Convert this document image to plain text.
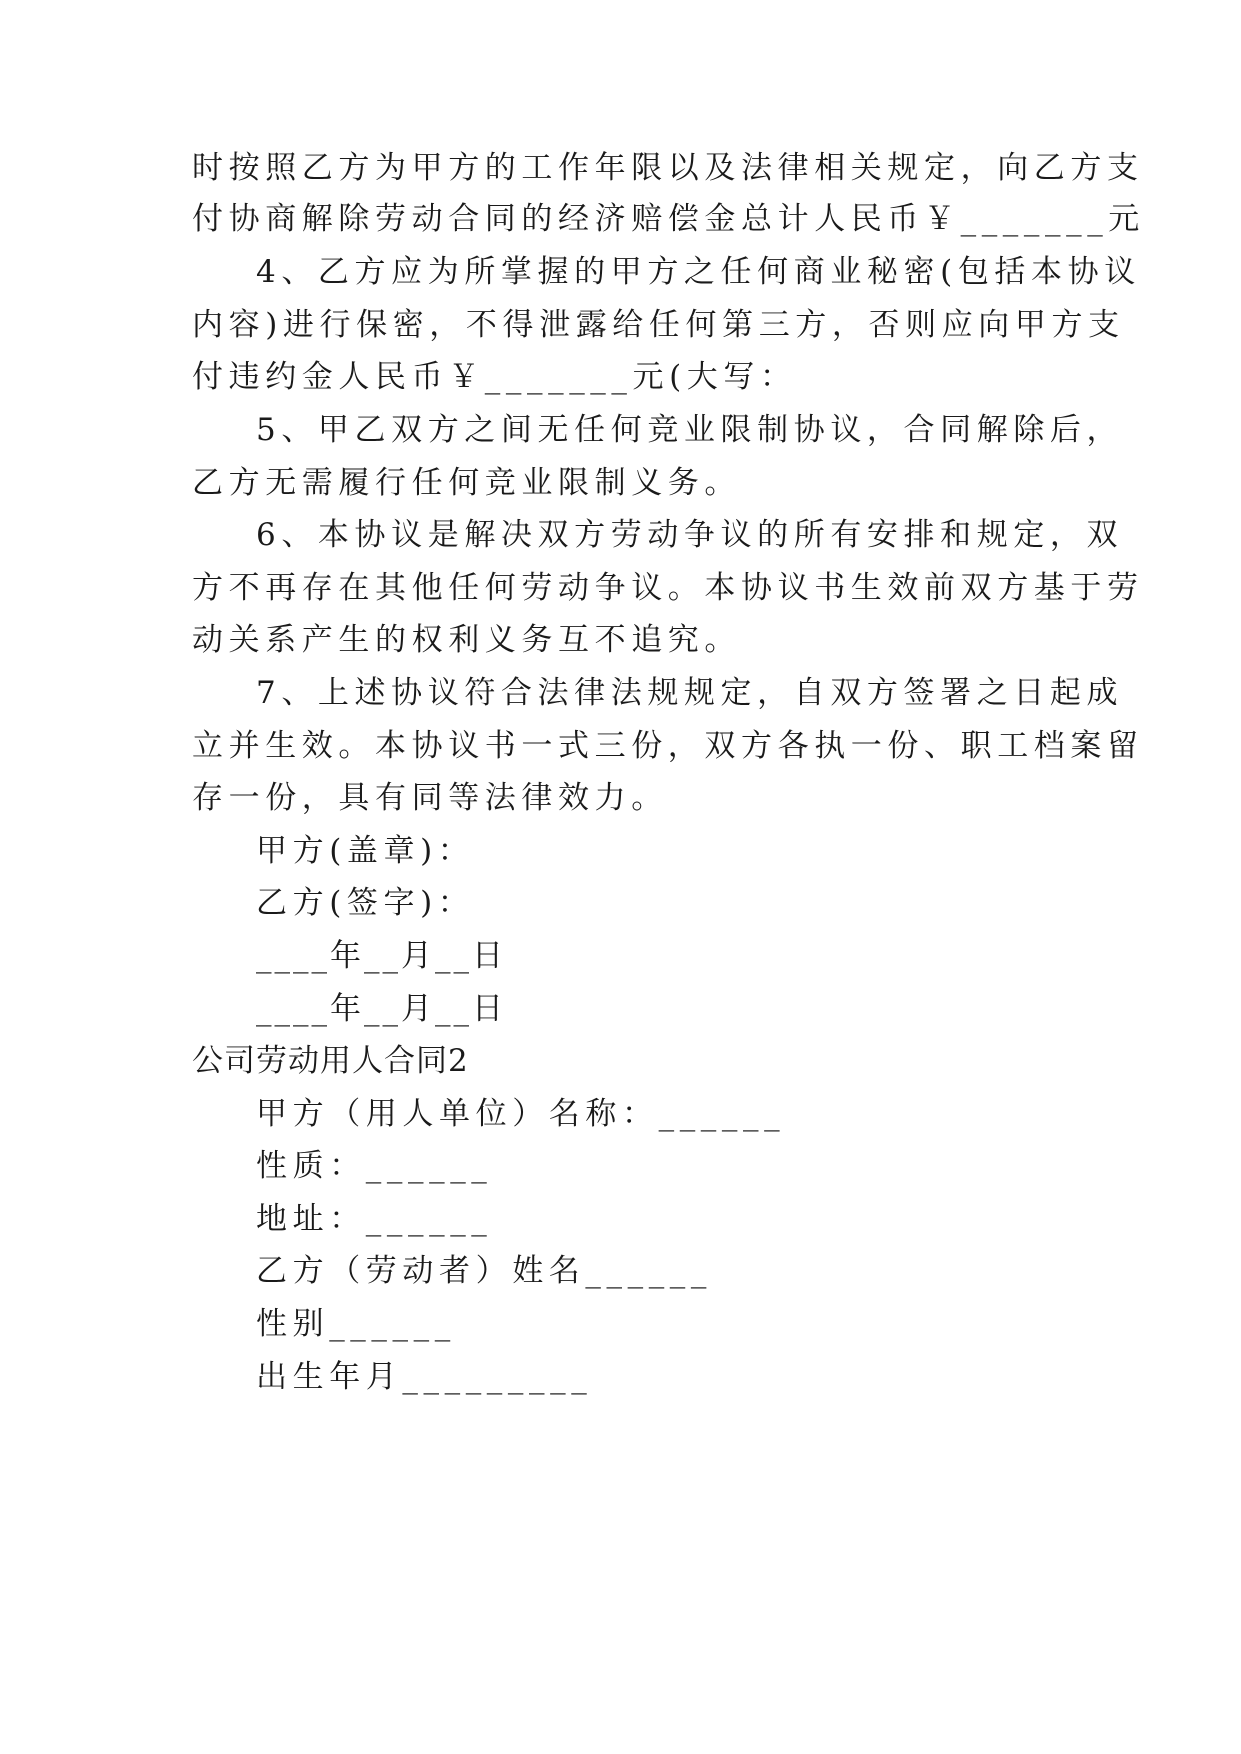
时按照乙方为甲方的工作年限以及法律相关规定，向乙方支
付协商解除劳动合同的经济赔偿金总计人民币￥_______元
4、乙方应为所掌握的甲方之任何商业秘密(包括本协议
内容)进行保密，不得泄露给任何第三方，否则应向甲方支
付违约金人民币￥_______元(大写：
5、甲乙双方之间无任何竞业限制协议，合同解除后，
乙方无需履行任何竞业限制义务。
6、本协议是解决双方劳动争议的所有安排和规定，双
方不再存在其他任何劳动争议。本协议书生效前双方基于劳
动关系产生的权利义务互不追究。
7、上述协议符合法律法规规定，自双方签署之日起成
立并生效。本协议书一式三份，双方各执一份、职工档案留
存一份，具有同等法律效力。
甲方(盖章)：
乙方(签字)：
____年__月__日
____年__月__日
公司劳动用人合同2
甲方（用人单位）名称：______
性质：______
地址：______
乙方（劳动者）姓名______
性别______
出生年月_________
